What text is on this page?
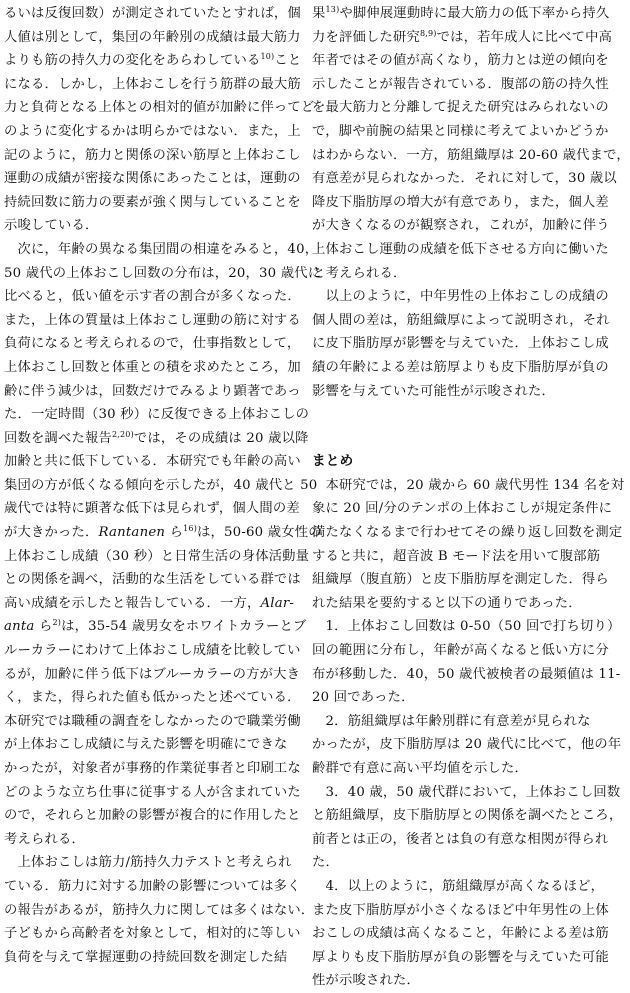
るいは反復回数）が測定されていたとすれば，個
人値は別として，集団の年齢別の成績は最大筋力
よりも筋の持久力の変化をあらわしている$^{10)}$こと
になる．しかし，上体おこしを行う筋群の最大筋
力と負荷となる上体との相対的値が加齢に伴ってど
のように変化するかは明らかではない．また，上
記のように，筋力と関係の深い筋厚と上体おこし
運動の成績が密接な関係にあったことは，運動の
持続回数に筋力の要素が強く関与していることを
示唆している．
　次に，年齢の異なる集団間の相違をみると，40，
50 歳代の上体おこし回数の分布は，20，30 歳代に
比べると，低い値を示す者の割合が多くなった．
また，上体の質量は上体おこし運動の筋に対する
負荷になると考えられるので，仕事指数として，
上体おこし回数と体重との積を求めたところ，加
齢に伴う減少は，回数だけでみるより顕著であっ
た．一定時間（30 秒）に反復できる上体おこしの
回数を調べた報告$^{2,20)}$では，その成績は 20 歳以降
加齢と共に低下している．本研究でも年齢の高い
集団の方が低くなる傾向を示したが，40 歳代と 50
歳代では特に顕著な低下は見られず，個人間の差
が大きかった．Rantanen ら$^{16)}$は，50-60 歳女性の
上体おこし成績（30 秒）と日常生活の身体活動量
との関係を調べ，活動的な生活をしている群では
高い成績を示したと報告している．一方，Alar-
anta ら$^{2)}$は，35-54 歳男女をホワイトカラーとブ
ルーカラーにわけて上体おこし成績を比較してい
るが，加齢に伴う低下はブルーカラーの方が大き
く，また，得られた値も低かったと述べている．
本研究では職種の調査をしなかったので職業労働
が上体おこし成績に与えた影響を明確にできな
かったが，対象者が事務的作業従事者と印刷工な
どのような立ち仕事に従事する人が含まれていた
ので，それらと加齢の影響が複合的に作用したと
考えられる．
　上体おこしは筋力/筋持久力テストと考えられ
ている．筋力に対する加齢の影響については多く
の報告があるが，筋持久力に関しては多くはない．
子どもから高齢者を対象として，相対的に等しい
負荷を与えて掌握運動の持続回数を測定した結
果$^{13)}$や脚伸展運動時に最大筋力の低下率から持久
力を評価した研究$^{8,9)}$では，若年成人に比べて中高
年者ではその値が高くなり，筋力とは逆の傾向を
示したことが報告されている．腹部の筋の持久性
を最大筋力と分離して捉えた研究はみられないの
で，脚や前腕の結果と同様に考えてよいかどうか
はわからない．一方，筋組織厚は 20-60 歳代まで，
有意差が見られなかった．それに対して，30 歳以
降皮下脂肪厚の増大が有意であり，また，個人差
が大きくなるのが観察され，これが，加齢に伴う
上体おこし運動の成績を低下させる方向に働いた
と考えられる．
　以上のように，中年男性の上体おこしの成績の
個人間の差は，筋組織厚によって説明され，それ
に皮下脂肪厚が影響を与えていた．上体おこし成
績の年齢による差は筋厚よりも皮下脂肪厚が負の
影響を与えていた可能性が示唆された．
まとめ
　本研究では，20 歳から 60 歳代男性 134 名を対
象に 20 回/分のテンポの上体おこしが規定条件に
満たなくなるまで行わせてその繰り返し回数を測定
すると共に，超音波 B モード法を用いて腹部筋
組織厚（腹直筋）と皮下脂肪厚を測定した．得ら
れた結果を要約すると以下の通りであった．
　1．上体おこし回数は 0-50（50 回で打ち切り）
回の範囲に分布し，年齢が高くなると低い方に分
布が移動した．40，50 歳代被検者の最頻値は 11-
20 回であった．
　2．筋組織厚は年齢別群に有意差が見られな
かったが，皮下脂肪厚は 20 歳代に比べて，他の年
齢群で有意に高い平均値を示した．
　3．40 歳，50 歳代群において，上体おこし回数
と筋組織厚，皮下脂肪厚との関係を調べたところ，
前者とは正の，後者とは負の有意な相関が得られ
た．
　4．以上のように，筋組織厚が高くなるほど，
また皮下脂肪厚が小さくなるほど中年男性の上体
おこしの成績は高くなること，年齢による差は筋
厚よりも皮下脂肪厚が負の影響を与えていた可能
性が示唆された．
